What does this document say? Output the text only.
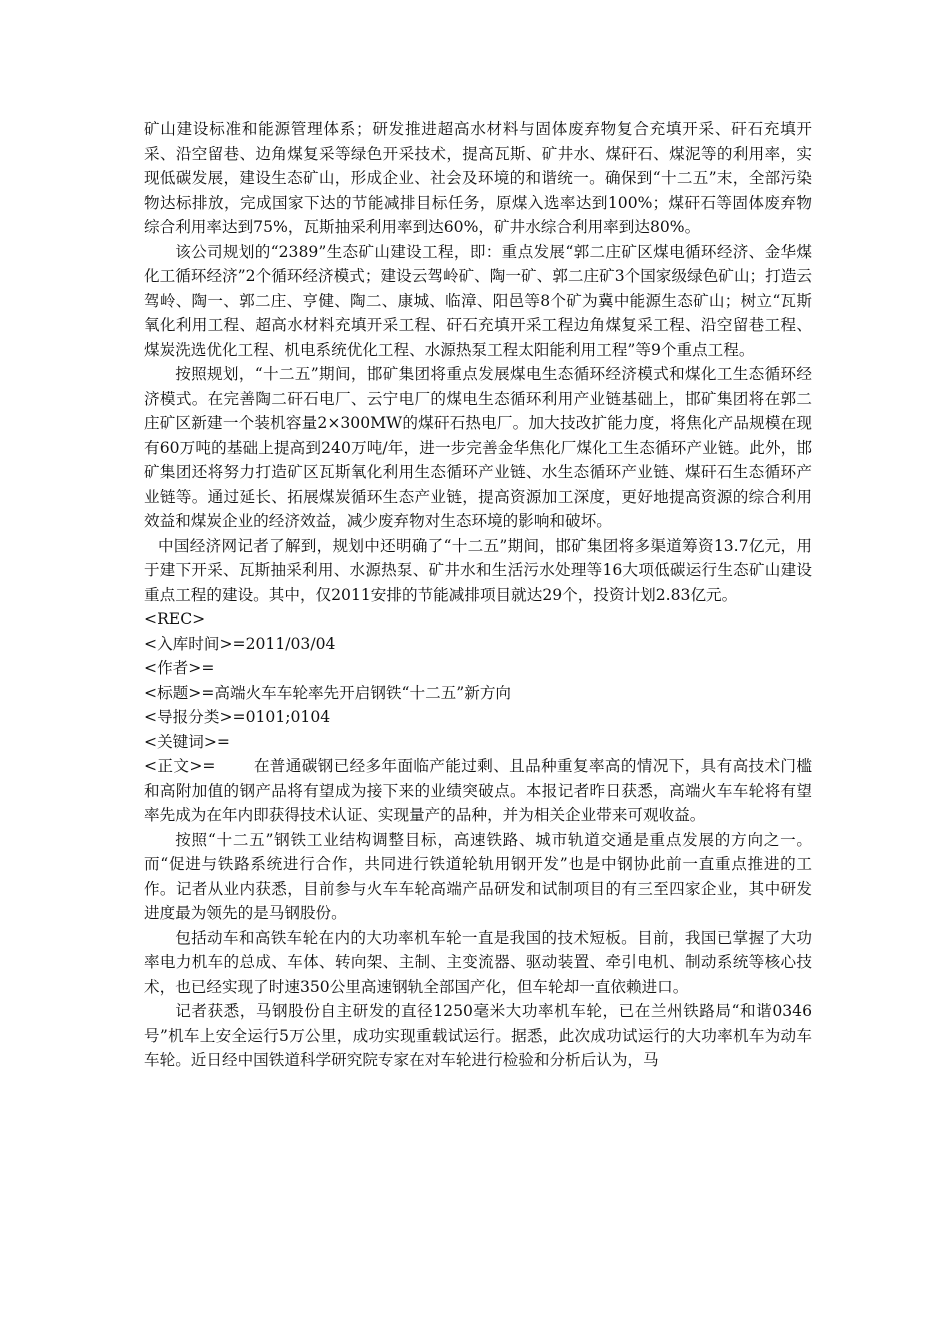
矿山建设标准和能源管理体系；研发推进超高水材料与固体废弃物复合充填开采、矸石充填开采、沿空留巷、边角煤复采等绿色开采技术，提高瓦斯、矿井水、煤矸石、煤泥等的利用率，实现低碳发展，建设生态矿山，形成企业、社会及环境的和谐统一。确保到“十二五”末，全部污染物达标排放，完成国家下达的节能减排目标任务，原煤入选率达到100%；煤矸石等固体废弃物综合利用率达到75%，瓦斯抽采利用率到达60%，矿井水综合利用率到达80%。

该公司规划的“2389”生态矿山建设工程，即：重点发展“郭二庄矿区煤电循环经济、金华煤化工循环经济”2个循环经济模式；建设云驾岭矿、陶一矿、郭二庄矿3个国家级绿色矿山；打造云驾岭、陶一、郭二庄、亨健、陶二、康城、临漳、阳邑等8个矿为冀中能源生态矿山；树立“瓦斯氧化利用工程、超高水材料充填开采工程、矸石充填开采工程边角煤复采工程、沿空留巷工程、煤炭洗选优化工程、机电系统优化工程、水源热泵工程太阳能利用工程”等9个重点工程。

按照规划，“十二五”期间，邯矿集团将重点发展煤电生态循环经济模式和煤化工生态循环经济模式。在完善陶二矸石电厂、云宁电厂的煤电生态循环利用产业链基础上，邯矿集团将在郭二庄矿区新建一个装机容量2×300MW的煤矸石热电厂。加大技改扩能力度，将焦化产品规模在现有60万吨的基础上提高到240万吨/年，进一步完善金华焦化厂煤化工生态循环产业链。此外，邯矿集团还将努力打造矿区瓦斯氧化利用生态循环产业链、水生态循环产业链、煤矸石生态循环产业链等。通过延长、拓展煤炭循环生态产业链，提高资源加工深度，更好地提高资源的综合利用效益和煤炭企业的经济效益，减少废弃物对生态环境的影响和破坏。

中国经济网记者了解到，规划中还明确了“十二五”期间，邯矿集团将多渠道筹资13.7亿元，用于建下开采、瓦斯抽采利用、水源热泵、矿井水和生活污水处理等16大项低碳运行生态矿山建设重点工程的建设。其中，仅2011安排的节能减排项目就达29个，投资计划2.83亿元。

<REC>

<入库时间>=2011/03/04

<作者>=

<标题>=高端火车车轮率先开启钢铁“十二五”新方向

<导报分类>=0101;0104

<关键词>=

<正文>= 在普通碳钢已经多年面临产能过剩、且品种重复率高的情况下，具有高技术门槛和高附加值的钢产品将有望成为接下来的业绩突破点。本报记者昨日获悉，高端火车车轮将有望率先成为在年内即获得技术认证、实现量产的品种，并为相关企业带来可观收益。

按照“十二五”钢铁工业结构调整目标，高速铁路、城市轨道交通是重点发展的方向之一。而“促进与铁路系统进行合作，共同进行铁道轮轨用钢开发”也是中钢协此前一直重点推进的工作。记者从业内获悉，目前参与火车车轮高端产品研发和试制项目的有三至四家企业，其中研发进度最为领先的是马钢股份。

包括动车和高铁车轮在内的大功率机车轮一直是我国的技术短板。目前，我国已掌握了大功率电力机车的总成、车体、转向架、主制、主变流器、驱动装置、牵引电机、制动系统等核心技术，也已经实现了时速350公里高速钢轨全部国产化，但车轮却一直依赖进口。

记者获悉，马钢股份自主研发的直径1250毫米大功率机车轮，已在兰州铁路局“和谐0346号”机车上安全运行5万公里，成功实现重载试运行。据悉，此次成功试运行的大功率机车为动车车轮。近日经中国铁道科学研究院专家在对车轮进行检验和分析后认为，马
